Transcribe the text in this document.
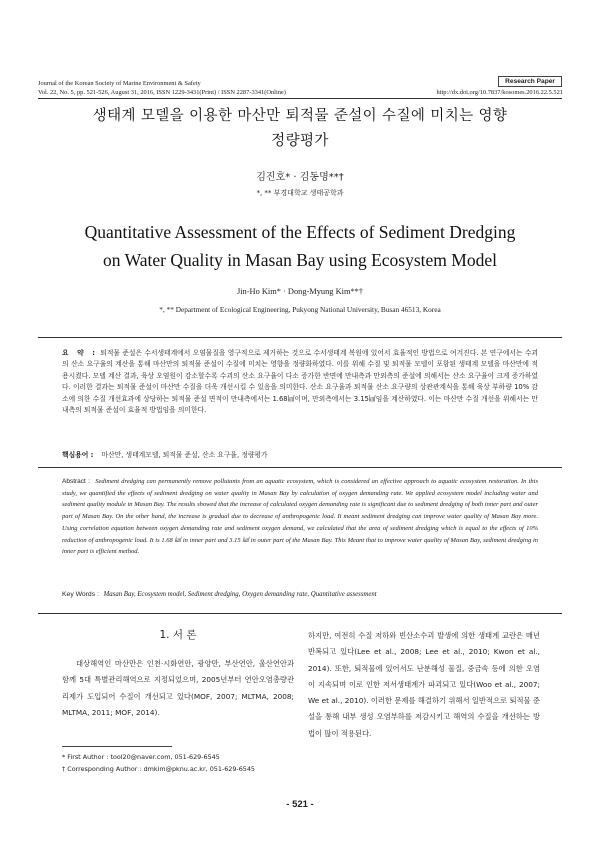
Journal of the Korean Society of Marine Environment & Safety
Vol. 22, No. 5, pp. 521-526, August 31, 2016, ISSN 1229-3431(Print) / ISSN 2287-3341(Online)	http://dx.doi.org/10.7837/kosomes.2016.22.5.521
Research Paper
생태계 모델을 이용한 마산만 퇴적물 준설이 수질에 미치는 영향
정량평가
김진호* · 김동명**†
*, ** 부경대학교 생태공학과
Quantitative Assessment of the Effects of Sediment Dredging
on Water Quality in Masan Bay using Ecosystem Model
Jin-Ho Kim* · Dong-Myung Kim**†
*, ** Department of Ecological Engineering, Pukyong National University, Busan 46513, Korea
요 약 : 퇴적물 준설은 수서생태계에서 오염물질을 영구적으로 제거하는 것으로 수서생태계 복원에 있어서 효율적인 방법으로 여겨진다. 본 연구에서는 수괴의 산소 요구율의 계산을 통해 마산만의 퇴적물 준설이 수질에 미치는 영향을 정량화하였다. 이를 위해 수질 및 퇴적물 모델이 포함된 생태계 모델을 마산만에 적용시켰다. 모델 계산 결과, 육상 오염원이 감소할수록 수괴의 산소 요구율이 다소 증가한 반면에 만내측과 만외측의 준설에 의해서는 산소 요구율이 크게 증가하였다. 이러한 결과는 퇴적물 준설이 마산만 수질을 더욱 개선시킬 수 있음을 의미한다. 산소 요구율과 퇴적물 산소 요구량의 상관관계식을 통해 육상 부하량 10% 감소에 의한 수질 개선효과에 상당하는 퇴적물 준설 면적이 만내측에서는 1.68㎢이며, 만외측에서는 3.15㎢임을 계산하였다. 이는 마산만 수질 개선을 위해서는 만내측의 퇴적물 준설이 효율적 방법임을 의미한다.
핵심용어 : 마산만, 생태계모델, 퇴적물 준설, 산소 요구율, 정량평가
Abstract : Sediment dredging can permanently remove pollutants from an aquatic ecosystem, which is considered an effective approach to aquatic ecosystem restoration. In this study, we quantified the effects of sediment dredging on water quality in Masan Bay by calculation of oxygen demanding rate. We applied ecosystem model including water and sediment quality module in Masan Bay. The results showed that the increase of calculated oxygen demanding rate is significant due to sediment dredging of both inner part and outer part of Masan Bay. On the other hand, the increase is gradual due to decrease of anthropogenic load. It meant sediment dredging can improve water quality of Masan Bay more. Using correlation equation between oxygen demanding rate and sediment oxygen demand, we calculated that the area of sediment dredging which is equal to the effects of 10% reduction of anthropogenic load. It is 1.68 ㎢ in inner part and 3.15 ㎢ in outer part of the Masan Bay. This Meant that to improve water quality of Masan Bay, sediment dredging in inner part is efficient method.
Key Words : Masan Bay, Ecosystem model, Sediment dredging, Oxygen demanding rate, Quantitative assessment
1. 서 론
대상해역인 마산만은 인천·시화연안, 광양만, 부산연안, 울산연안과 함께 5대 특별관리해역으로 지정되었으며, 2005년부터 연안오염총량관리제가 도입되어 수질이 개선되고 있다(MOF, 2007; MLTMA, 2008; MLTMA, 2011; MOF, 2014).
하지만, 여전히 수질 저하와 빈산소수괴 발생에 의한 생태계 교란은 매년 반복되고 있다(Lee et al., 2008; Lee et al., 2010; Kwon et al., 2014). 또한, 퇴적물에 있어서도 난분해성 물질, 중금속 등에 의한 오염이 지속되며 이로 인한 저서생태계가 파괴되고 있다(Woo et al., 2007; We et al., 2010). 이러한 문제를 해결하기 위해서 일반적으로 퇴적물 준설을 통해 내부 생성 오염부하를 저감시키고 해역의 수질을 개선하는 방법이 많이 적용된다.
* First Author : tool20@naver.com, 051-629-6545
† Corresponding Author : dmkim@pknu.ac.kr, 051-629-6545
- 521 -
